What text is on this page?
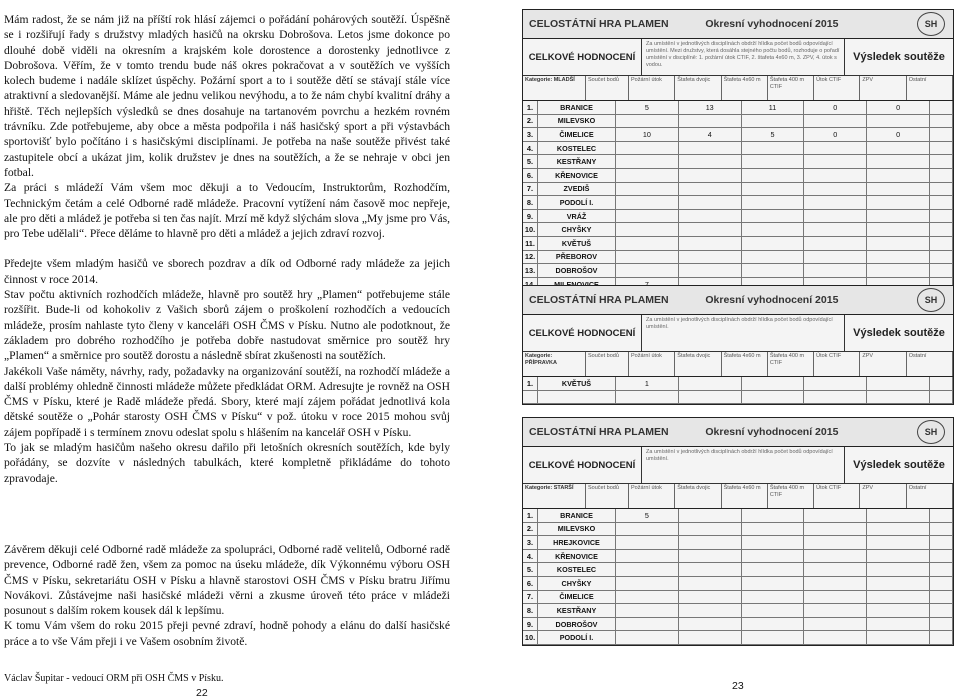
Mám radost, že se nám již na příští rok hlásí zájemci o pořádání pohárových soutěží. Úspěšně se i rozšiřují řady s družstvy mladých hasičů na okrsku Dobrošova. Letos jsme dokonce po dlouhé době viděli na okresním a krajském kole dorostence a dorostenky jednotlivce z Dobrošova. Věřím, že v tomto trendu bude náš okres pokračovat a v soutěžích ve vyšších kolech budeme i nadále sklízet úspěchy. Požární sport a to i soutěže dětí se stávají stále více atraktivní a sledovanější. Máme ale jednu velikou nevýhodu, a to že nám chybí kvalitní dráhy a hřiště. Těch nejlepších výsledků se dnes dosahuje na tartanovém povrchu a hezkém rovném trávníku. Zde potřebujeme, aby obce a města podpořila i náš hasičský sport a při výstavbách sportovišť bylo počítáno i s hasičskými disciplínami. Je potřeba na naše soutěže přivést také zastupitele obcí a ukázat jim, kolik družstev je dnes na soutěžích, a že se nehraje v obci jen fotbal.

Za práci s mládeží Vám všem moc děkuji a to Vedoucím, Instruktorům, Rozhodčím, Technickým četám a celé Odborné radě mládeže. Pracovní vytížení nám časově moc nepřeje, ale pro děti a mládež je potřeba si ten čas najít. Mrzí mě když slýchám slova „My jsme pro Vás, pro Tebe udělali“. Přece děláme to hlavně pro děti a mládež a jejich zdraví rozvoj.

Předejte všem mladým hasičů ve sborech pozdrav a dík od Odborné rady mládeže za jejich činnost v roce 2014.

Stav počtu aktivních rozhodčích mládeže, hlavně pro soutěž hry „Plamen“ potřebujeme stále rozšířit. Bude-li od kohokoliv z Vašich sborů zájem o proškolení rozhodčích a vedoucích mládeže, prosím nahlaste tyto členy v kanceláři OSH ČMS v Písku. Nutno ale podotknout, že základem pro dobrého rozhodčího je potřeba dobře nastudovat směrnice pro soutěž hry „Plamen“ a směrnice pro soutěž dorostu a následně sbírat zkušenosti na soutěžích.

Jakékoli Vaše náměty, návrhy, rady, požadavky na organizování soutěží, na rozhodčí mládeže a další problémy ohledně činnosti mládeže můžete předkládat ORM. Adresujte je rovněž na OSH ČMS v Písku, které je Radě mládeže předá. Sbory, které mají zájem pořádat jednotlivá kola dětské soutěže o „Pohár starosty OSH ČMS v Písku“ v pož. útoku v roce 2015 mohou svůj zájem popřípadě i s termínem znovu odeslat spolu s hlášením na kancelář OSH v Písku.

To jak se mladým hasičům našeho okresu dařilo při letošních okresních soutěžích, kde byly pořádány, se dozvíte v následných tabulkách, které kompletně přikládáme do tohoto zpravodaje.

Závěrem děkuji celé Odborné radě mládeže za spolupráci, Odborné radě velitelů, Odborné radě prevence, Odborné radě žen, všem za pomoc na úseku mládeže, dík Výkonnému výboru OSH ČMS v Písku, sekretariátu OSH v Písku a hlavně starostovi OSH ČMS v Písku bratru Jiřímu Novákovi. Zůstávejme naši hasičské mládeži věrni a zkusme úroveň této práce v mládeži posunout s dalším rokem kousek dál k lepšímu.

K tomu Vám všem do roku 2015 přeji pevné zdraví, hodně pohody a elánu do další hasičské práce a to vše Vám přeji i ve Vašem osobním životě.

Václav Šupitar - vedoucí ORM při OSH ČMS v Písku.

22
23
CELOSTÁTNÍ HRA PLAMEN	Okresní vyhodnocení 2015	SH
CELKOVÉ HODNOCENÍ
Za umístění v jednotlivých disciplínách obdrží hlídka počet bodů odpovídající umístění. Mezi družstvy, která dosáhla stejného počtu bodů, rozhoduje o pořadí umístění v disciplíně: 1. požární útok CTIF, 2. štafeta 4x60 m, 3. ZPV, 4. útok s vodou.
Výsledek soutěže
Kategorie: MLADŠÍ	Součet bodů	Požární útok	Štafeta dvojic	Štafeta 4x60 m	Štafeta 400 m CTIF
Útok CTIF	ZPV	Ostatní
1.	BRANICE	5	13	11	0	0
2.	MILEVSKO
3.	ČIMELICE	10	4	5	0	0
4.	KOSTELEC
5.	KESTŘANY
6.	KŘENOVICE
7.	ZVEDIŠ
8.	PODOLÍ I.
9.	VRÁŽ
10.	CHYŠKY
11.	KVĚTUŠ
12.	PŘEBOROV
13.	DOBROŠOV
CELOSTÁTNÍ HRA PLAMEN	Okresní vyhodnocení 2015	SH
CELKOVÉ HODNOCENÍ
Za umístění v jednotlivých disciplínách obdrží hlídka počet bodů odpovídající umístění.	Výsledek soutěže
Kategorie: PŘÍPRAVKA
Součet bodů	Požární útok	Štafeta dvojic	Štafeta 4x60 m	Štafeta 400 m CTIF
Útok CTIF	ZPV	Ostatní
1.	KVĚTUŠ	1
CELOSTÁTNÍ HRA PLAMEN	Okresní vyhodnocení 2015	SH
CELKOVÉ HODNOCENÍ
Za umístění v jednotlivých disciplínách obdrží hlídka počet bodů odpovídající umístění.	Výsledek soutěže
Kategorie: STARŠÍ	Součet bodů	Požární útok	Štafeta dvojic	Štafeta 4x60 m	Štafeta 400 m CTIF
Útok CTIF	ZPV	Ostatní
1.	BRANICE	5
2.	MILEVSKO
3.	HREJKOVICE
4.	KŘENOVICE
5.	KOSTELEC
6.	CHYŠKY
7.	ČIMELICE
8.	KESTŘANY
9.	DOBROŠOV
10.	PODOLÍ I.
